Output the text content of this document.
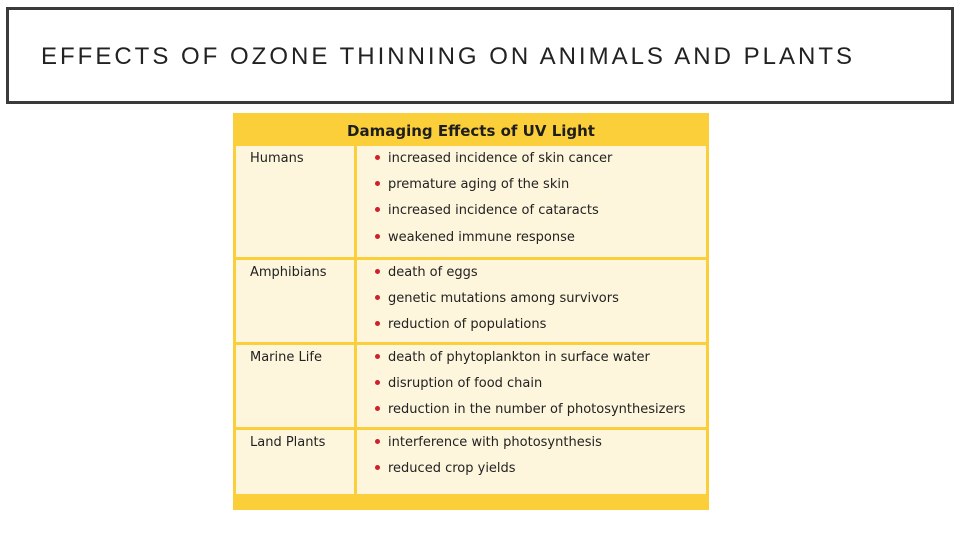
EFFECTS OF OZONE THINNING ON ANIMALS AND PLANTS
Damaging Effects of UV Light
Humans	increased incidence of skin cancer
premature aging of the skin
increased incidence of cataracts
weakened immune response
Amphibians	death of eggs
genetic mutations among survivors
reduction of populations
Marine Life	death of phytoplankton in surface water
disruption of food chain
reduction in the number of photosynthesizers
Land Plants	interference with photosynthesis
reduced crop yields
